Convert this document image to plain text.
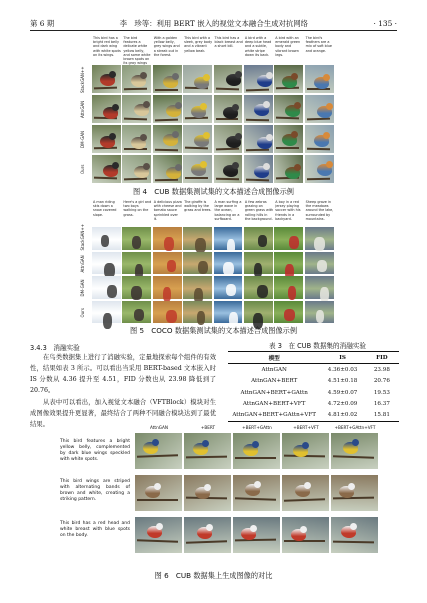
第 6 期	李　珍等：利用 BERT 嵌入的视觉文本融合生成对抗网络	· 135 ·
This bird has a bright red belly and dark wing with white spots on its wings.
The bird features a delicate white yellow belly, and some white brown spots on its gray wings
With a golden yellow belly, grey wings and a streak out in the forest.
This bird with a sleek, grey body and a vibrant yellow beak.
This bird has a black breast and a short bill.
A bird with a deep blue head and a subtle, white stripe down its back.
A bird with an emerald green body and vibrant brown legs.
The bird's feathers are a mix of soft blue and orange.
StackGAN++
AttnGAN
DM-GAN
Ours
图 4　CUB 数据集测试集的文本描述合成图像示例
A man riding skis down a snow covered slope.
Here's a girl and two boys walking on the grass.
A delicious pizza with cheese and tomato sauce sprinkled over it.
The giraffe is walking by the grass and trees.
A man surfing a large wave in the ocean, balancing on a surfboard.
A few zebras grazing on green grass with rolling hills in the background.
A boy in a red jersey playing soccer with his friends in a backyard.
Sheep graze in the meadows around the lake, surrounded by mountains.
StackGAN++
AttnGAN
DM-GAN
Ours
图 5　COCO 数据集测试集的文本描述合成图像示例
3.4.3　消融实验
在鸟类数据集上进行了消融实验，定量地探索每个组件的有效性，结果如表 3 所示。可以看出当采用 BERT-based 文本嵌入时 IS 分数从 4.36 提升至 4.51，FID 分数也从 23.98 降低到了 20.76。
从表中可以看出，加入视觉文本融合（VFTBlock）模块对生成图像效果提升更显著，最终结合了两种不同融合模块达到了最优结果。
表 3　在 CUB 数据集的消融实验
模型	IS	FID
AttnGAN	4.36±0.03	23.98
AttnGAN+BERT	4.51±0.18	20.76
AttnGAN+BERT+GAttn	4.59±0.07	19.53
AttnGAN+BERT+VFT	4.72±0.09	16.37
AttnGAN+BERT+GAttn+VFT	4.81±0.02	15.81
AttnGAN	+BERT	+BERT+GAttn	+BERT+VFT	+BERT+GAttn+VFT
This bird features a bright yellow belly, complemented by dark blue wings speckled with white spots.
This bird wings are striped with alternating bands of brown and white, creating a striking pattern.
This bird has a red head and white breast with blue spots on the body.
图 6　CUB 数据集上生成图像的对比
